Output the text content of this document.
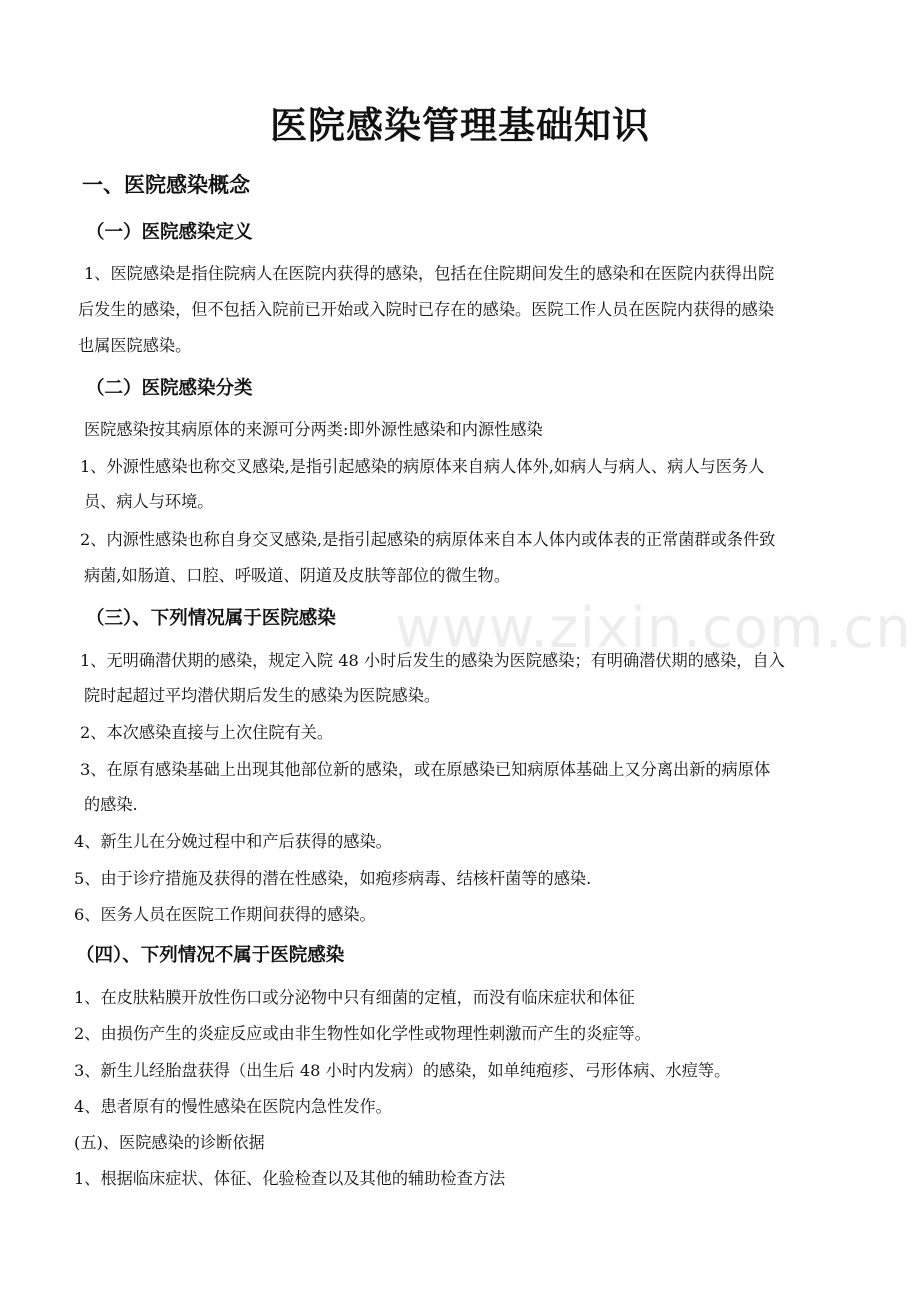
www.zixin.com.cn
医院感染管理基础知识
一、医院感染概念
（一）医院感染定义
1、医院感染是指住院病人在医院内获得的感染，包括在住院期间发生的感染和在医院内获得出院
后发生的感染，但不包括入院前已开始或入院时已存在的感染。医院工作人员在医院内获得的感染
也属医院感染。
（二）医院感染分类
医院感染按其病原体的来源可分两类:即外源性感染和内源性感染
1、外源性感染也称交叉感染,是指引起感染的病原体来自病人体外,如病人与病人、病人与医务人
员、病人与环境。
2、内源性感染也称自身交叉感染,是指引起感染的病原体来自本人体内或体表的正常菌群或条件致
病菌,如肠道、口腔、呼吸道、阴道及皮肤等部位的微生物。
（三）、下列情况属于医院感染
1、无明确潜伏期的感染，规定入院 48 小时后发生的感染为医院感染；有明确潜伏期的感染，自入
院时起超过平均潜伏期后发生的感染为医院感染。
2、本次感染直接与上次住院有关。
3、在原有感染基础上出现其他部位新的感染，或在原感染已知病原体基础上又分离出新的病原体
的感染.
4、新生儿在分娩过程中和产后获得的感染。
5、由于诊疗措施及获得的潜在性感染，如疱疹病毒、结核杆菌等的感染.
6、医务人员在医院工作期间获得的感染。
（四）、下列情况不属于医院感染
1、在皮肤粘膜开放性伤口或分泌物中只有细菌的定植，而没有临床症状和体征
2、由损伤产生的炎症反应或由非生物性如化学性或物理性刺激而产生的炎症等。
3、新生儿经胎盘获得（出生后 48 小时内发病）的感染，如单纯疱疹、弓形体病、水痘等。
4、患者原有的慢性感染在医院内急性发作。
(五)、医院感染的诊断依据
1、根据临床症状、体征、化验检查以及其他的辅助检查方法
